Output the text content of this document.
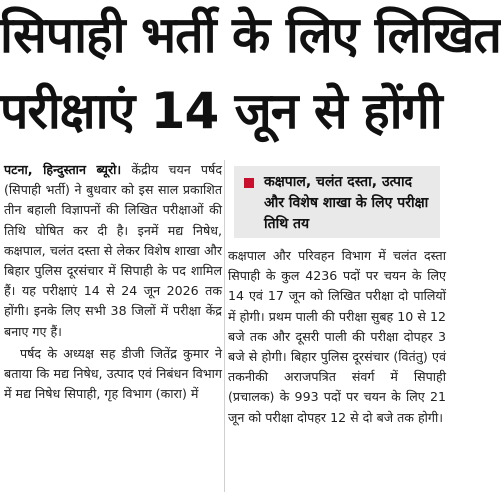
सिपाही भर्ती के लिए लिखित
परीक्षाएं 14 जून से होंगी

पटना, हिन्दुस्तान ब्यूरो। केंद्रीय चयन पर्षद (सिपाही भर्ती) ने बुधवार को इस साल प्रकाशित तीन बहाली विज्ञापनों की लिखित परीक्षाओं की तिथि घोषित कर दी है। इनमें मद्य निषेध, कक्षपाल, चलंत दस्ता से लेकर विशेष शाखा और बिहार पुलिस दूरसंचार में सिपाही के पद शामिल हैं। यह परीक्षाएं 14 से 24 जून 2026 तक होंगी। इनके लिए सभी 38 जिलों में परीक्षा केंद्र बनाए गए हैं।

पर्षद के अध्यक्ष सह डीजी जितेंद्र कुमार ने बताया कि मद्य निषेध, उत्पाद एवं निबंधन विभाग में मद्य निषेध सिपाही, गृह विभाग (कारा) में

कक्षपाल, चलंत दस्ता, उत्पाद और विशेष शाखा के लिए परीक्षा तिथि तय

कक्षपाल और परिवहन विभाग में चलंत दस्ता सिपाही के कुल 4236 पदों पर चयन के लिए 14 एवं 17 जून को लिखित परीक्षा दो पालियों में होगी। प्रथम पाली की परीक्षा सुबह 10 से 12 बजे तक और दूसरी पाली की परीक्षा दोपहर 3 बजे से होगी। बिहार पुलिस दूरसंचार (वितंतु) एवं तकनीकी अराजपत्रित संवर्ग में सिपाही (प्रचालक) के 993 पदों पर चयन के लिए 21 जून को परीक्षा दोपहर 12 से दो बजे तक होगी।
